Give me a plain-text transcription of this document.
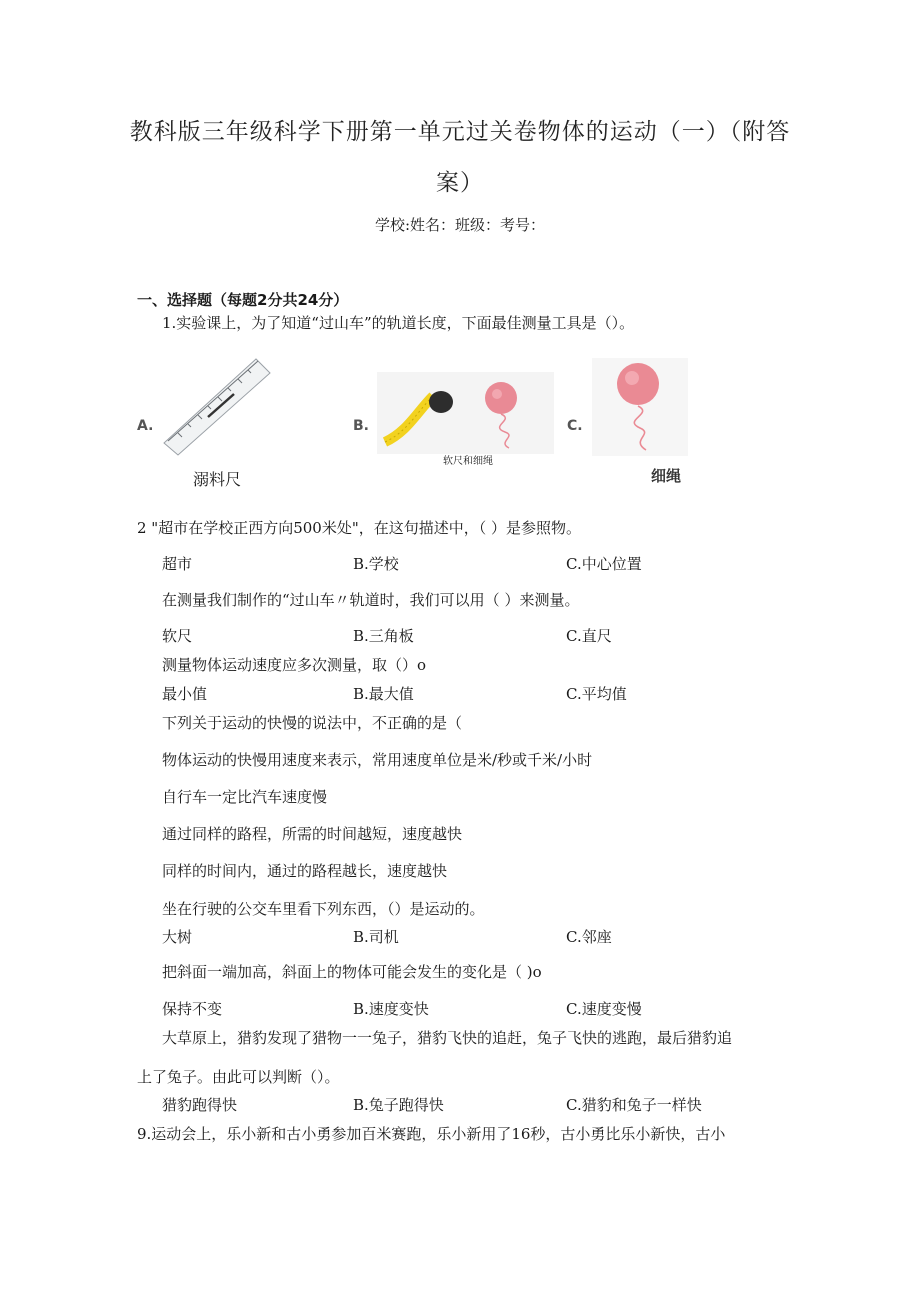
教科版三年级科学下册第一单元过关卷物体的运动（一）（附答
案）
学校:姓名：班级：考号：
一、选择题（每题2分共24分）
1.实验课上，为了知道“过山车”的轨道长度，下面最佳测量工具是（）。
A.
溺料尺
B.
软尺和细绳
C.
细绳
2 "超市在学校正西方向500米处"，在这句描述中，（ ）是参照物。
超市	B.学校	C.中心位置
在测量我们制作的“过山车〃轨道时，我们可以用（ ）来测量。
软尺	B.三角板	C.直尺
测量物体运动速度应多次测量，取（）o
最小值	B.最大值	C.平均值
下列关于运动的快慢的说法中，不正确的是（
物体运动的快慢用速度来表示，常用速度单位是米/秒或千米/小时
自行车一定比汽车速度慢
通过同样的路程，所需的时间越短，速度越快
同样的时间内，通过的路程越长，速度越快
坐在行驶的公交车里看下列东西，（）是运动的。
大树	B.司机	C.邻座
把斜面一端加高，斜面上的物体可能会发生的变化是（ )o
保持不变	B.速度变快	C.速度变慢
大草原上，猎豹发现了猎物一一兔子，猎豹飞快的追赶，兔子飞快的逃跑，最后猎豹追
上了兔子。由此可以判断（）。
猎豹跑得快	B.兔子跑得快	C.猎豹和兔子一样快
9.运动会上，乐小新和古小勇参加百米赛跑，乐小新用了16秒，古小勇比乐小新快，古小
